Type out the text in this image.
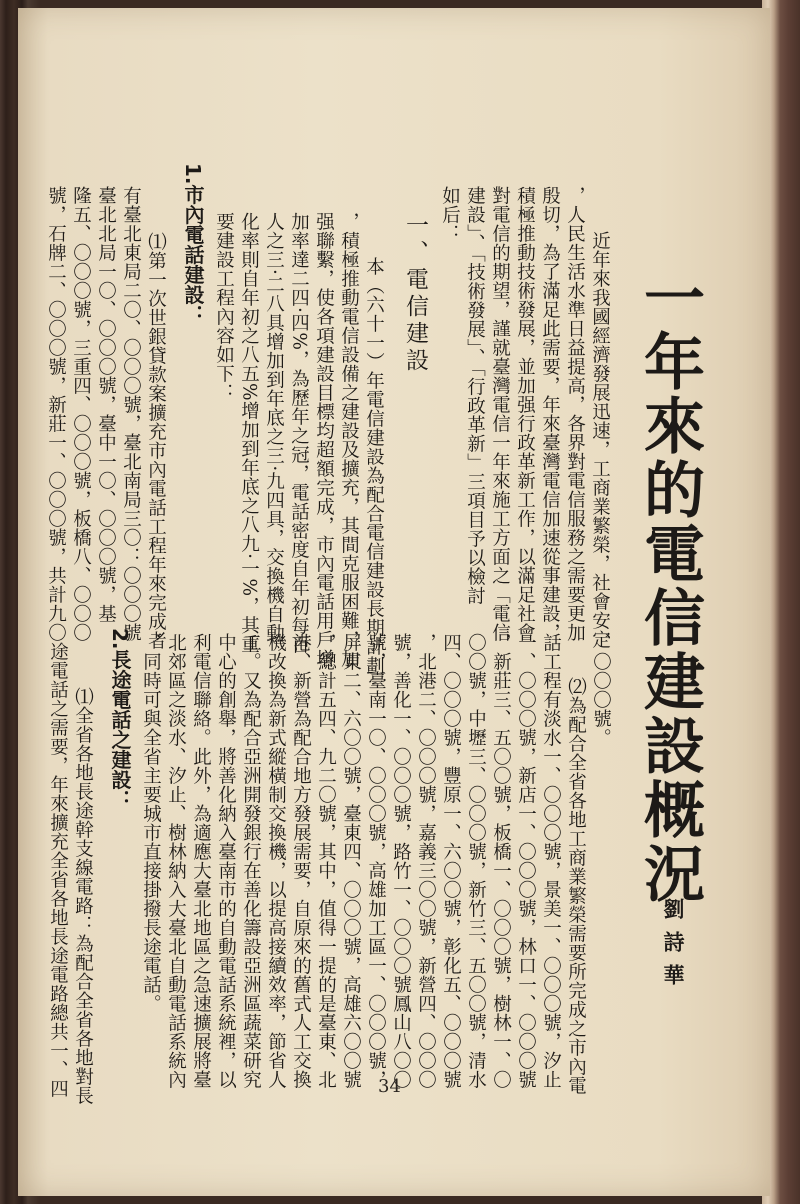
一年來的電信建設概況
劉詩華
　近年來我國經濟發展迅速，工商業繁榮，社會安定
，人民生活水準日益提高，各界對電信服務之需要更加
殷切，為了滿足此需要，年來臺灣電信加速從事建設，
積極推動技術發展，並加强行政革新工作，以滿足社會
對電信的期望，謹就臺灣電信一年來施工方面之「電信
建設」、「技術發展」、「行政革新」三項目予以檢討
如后：
一、電信建設
　本（六十一）年電信建設為配合電信建設長期計劃
，積極推動電信設備之建設及擴充，其間克服困難，加
强聯繫，使各項建設目標均超額完成，市內電話用戶增
加率達二四·四%，為歷年之冠，電話密度自年初每百
人之三·二八具增加到年底之三·九四具，交換機自動
化率則自年初之八五%增加到年底之八九·一%，其重
要建設工程內容如下：
1.市內電話建設：
　⑴第一次世銀貸款案擴充市內電話工程年來完成者
有臺北東局二〇、〇〇〇號，臺北南局三〇：〇〇〇號
臺北北局一〇、〇〇〇號，臺中一〇、〇〇〇號，基
隆五、〇〇〇號，三重四、〇〇〇號，板橋八、〇〇〇
號，石牌二、〇〇〇號，新莊一、〇〇〇號，共計九〇
、〇〇〇號。
　⑵為配合全省各地工商業繁榮需要所完成之市內電
話工程有淡水一、〇〇〇號，景美一、〇〇〇號，汐止
一、〇〇〇號，新店一、〇〇〇號，林口一、〇〇〇號
，新莊三、五〇〇號，板橋一、〇〇〇號，樹林一、〇
〇〇號，中壢三、〇〇〇號，新竹三、五〇〇號，清水
四、〇〇〇號，豐原一、六〇〇號，彰化五、〇〇〇號
，北港二、〇〇〇號，嘉義三〇〇號，新營四、〇〇〇
號，善化一、〇〇〇號，路竹一、〇〇〇號鳳山八〇〇
號，臺南一〇、〇〇〇號，高雄加工區一、〇〇〇號，
屏東二、六〇〇號，臺東四、〇〇〇號，高雄六〇〇號
，總計五四、九二〇號，其中，值得一提的是臺東、北
港、新營為配合地方發展需要，自原來的舊式人工交換
機改換為新式縱橫制交換機，以提高接續效率，節省人
工。又為配合亞洲開發銀行在善化籌設亞洲區蔬菜研究
中心的創舉，將善化納入臺南市的自動電話系統裡，以
利電信聯絡。此外，為適應大臺北地區之急速擴展將臺
北郊區之淡水、汐止、樹林納入大臺北自動電話系統內
，同時可與全省主要城市直接掛撥長途電話。
2.長途電話之建設：
　⑴全省各地長途幹支線電路：為配合全省各地對長
途電話之需要，年來擴充全省各地長途電路總共一、四	34
